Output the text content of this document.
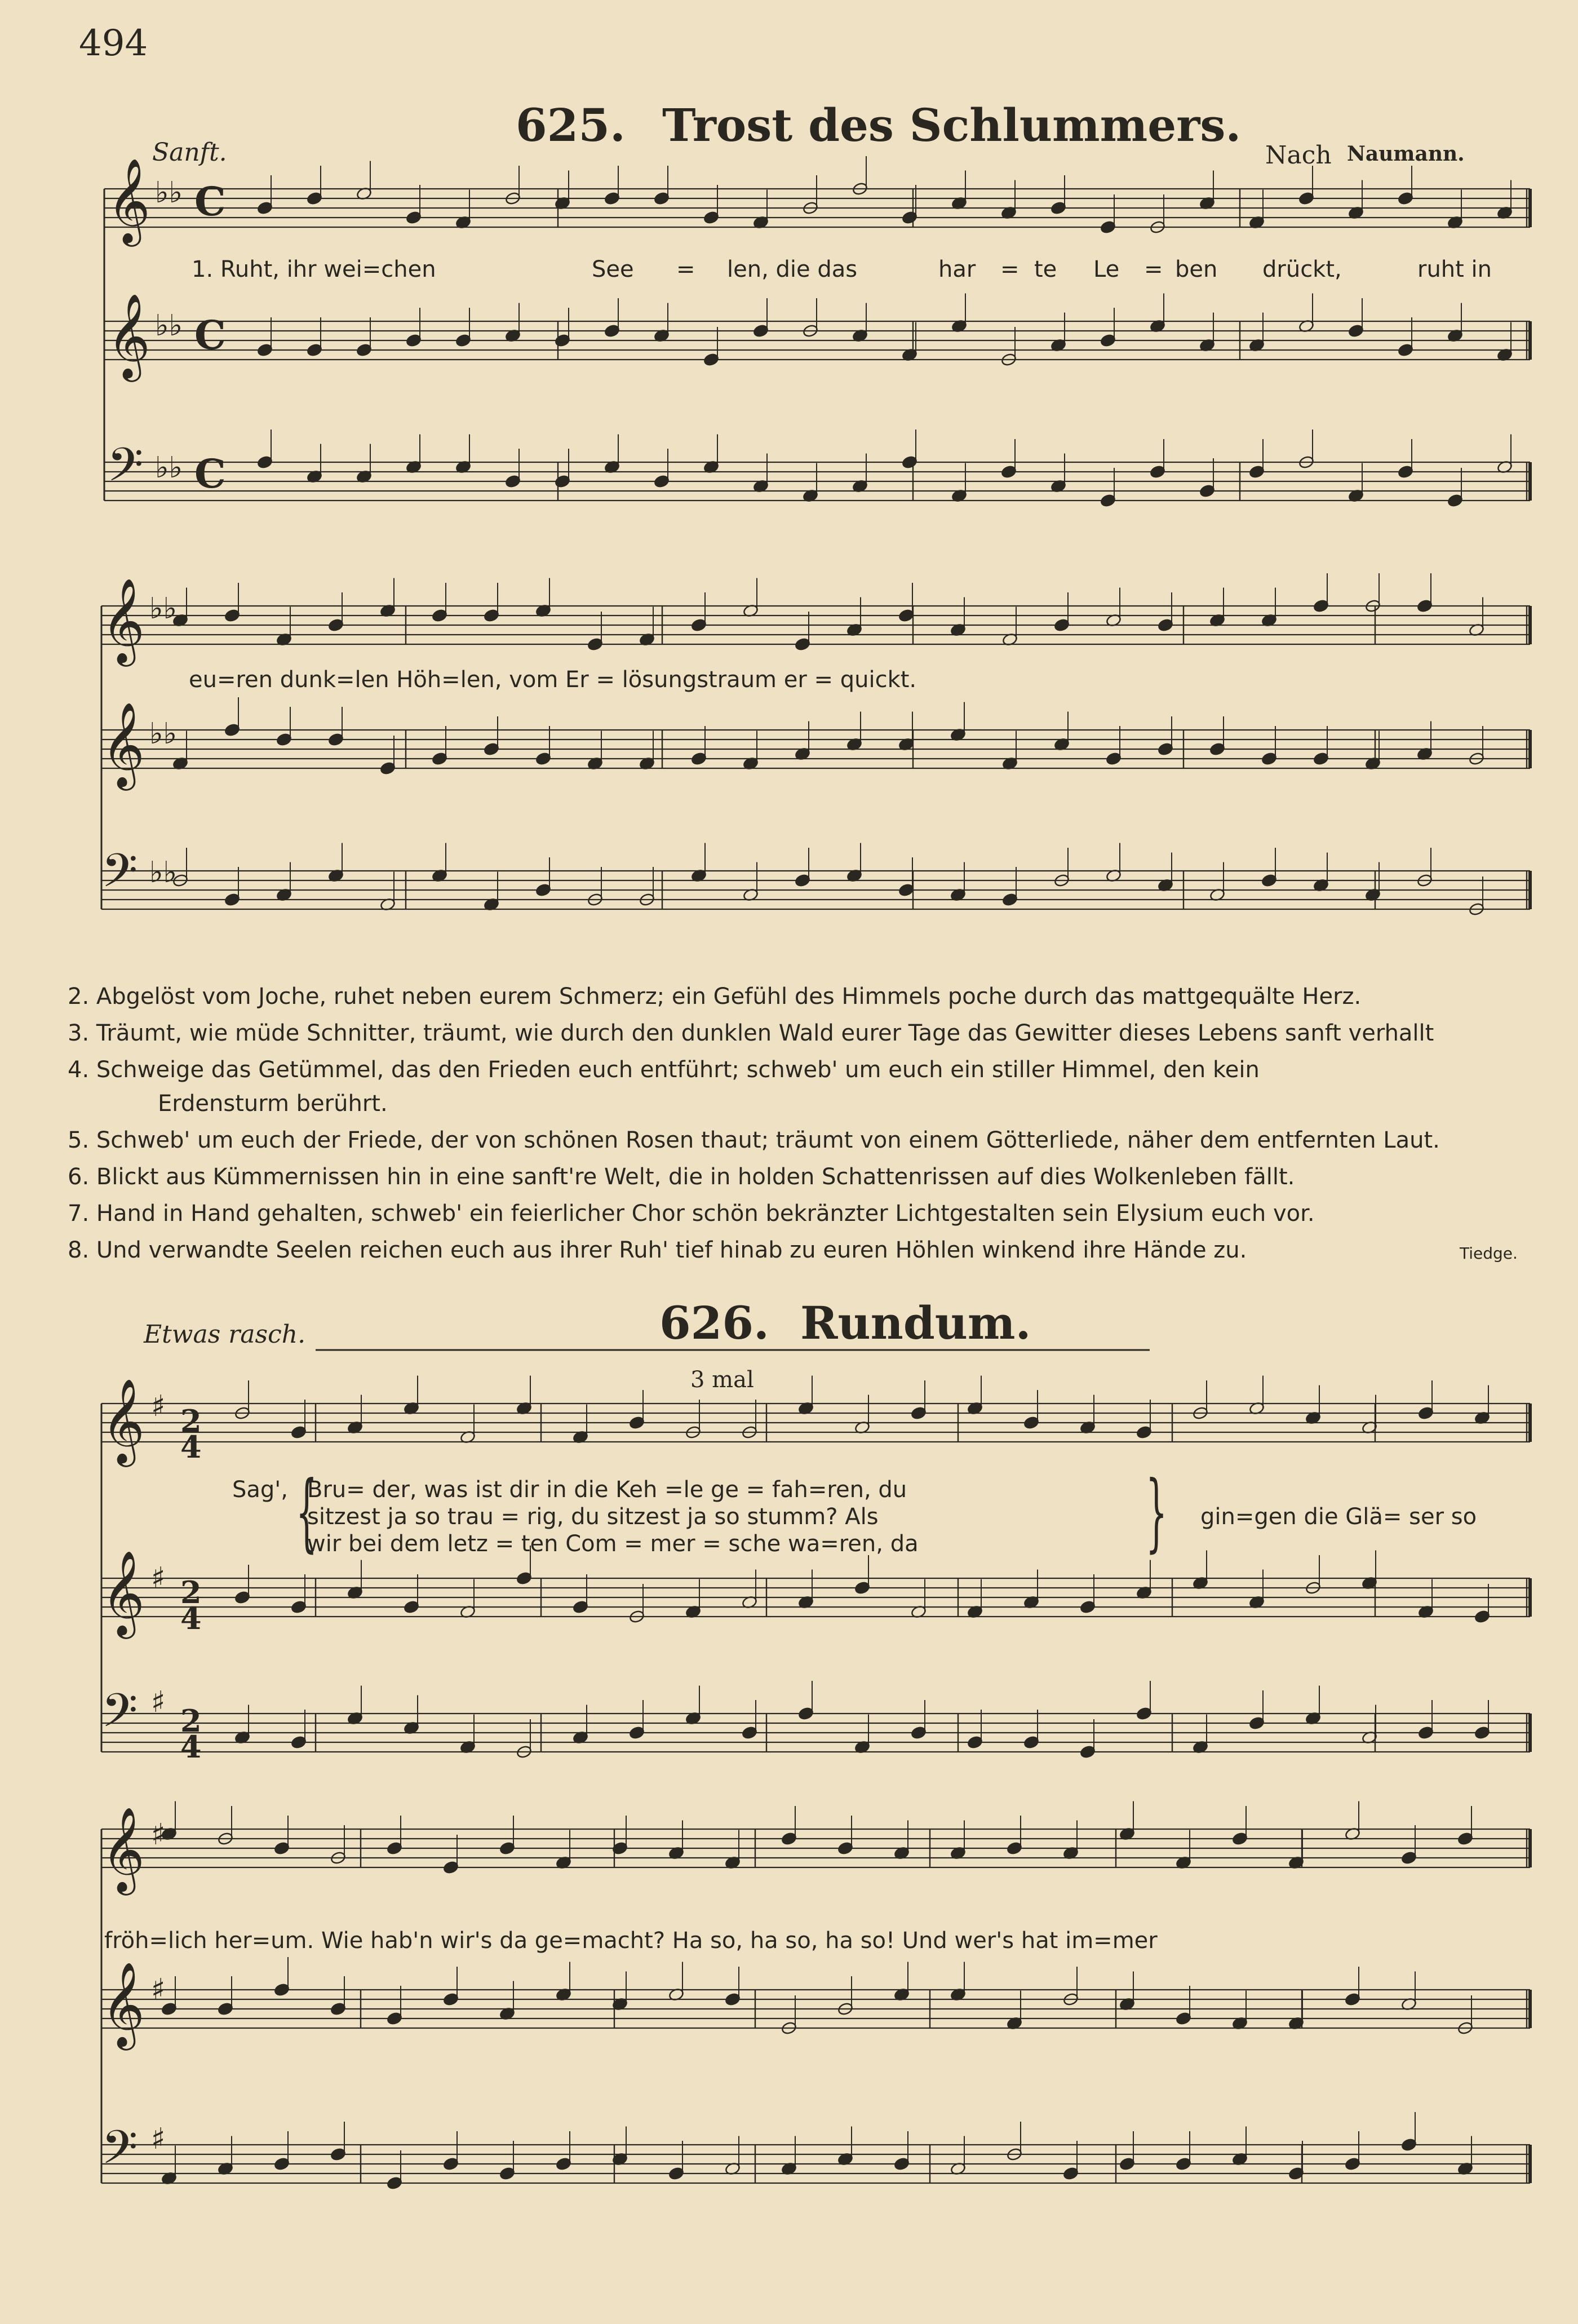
494
625. Trost des Schlummers.
Sanft.	Nach Naumann.
𝄞 ♭♭ C
𝄞 ♭♭ C
𝄢 ♭♭ C
1. Ruht, ihr wei=chen	See = len, die das	har = te Le = ben drückt,	ruht in
𝄞 ♭♭
𝄞 ♭♭
𝄢 ♭♭
eu=ren dunk=len Höh=len, vom Er = lösungstraum er = quickt.
2. Abgelöst vom Joche, ruhet neben eurem Schmerz; ein Gefühl des Himmels poche durch das mattgequälte Herz.
3. Träumt, wie müde Schnitter, träumt, wie durch den dunklen Wald eurer Tage das Gewitter dieses Lebens sanft verhallt
4. Schweige das Getümmel, das den Frieden euch entführt; schweb' um euch ein stiller Himmel, den kein
Erdensturm berührt.
5. Schweb' um euch der Friede, der von schönen Rosen thaut; träumt von einem Götterliede, näher dem entfernten Laut.
6. Blickt aus Kümmernissen hin in eine sanft're Welt, die in holden Schattenrissen auf dies Wolkenleben fällt.
7. Hand in Hand gehalten, schweb' ein feierlicher Chor schön bekränzter Lichtgestalten sein Elysium euch vor.
8. Und verwandte Seelen reichen euch aus ihrer Ruh' tief hinab zu euren Höhlen winkend ihre Hände zu.	Tiedge.
Etwas rasch.	626. Rundum.
3 mal
𝄞 ♯ 2
4
𝄞 ♯ 2
4
𝄢 ♯
2
4
Sag', Bru= der, was ist dir in die Keh =le ge = fah=ren, du
sitzest ja so trau = rig, du sitzest ja so stumm? Als
wir bei dem letz = ten Com = mer = sche wa=ren, da
{	} gin=gen die Glä= ser so
𝄞 ♯
fröh=lich her=um. Wie hab'n wir's da ge=macht? Ha so, ha so, ha so! Und wer's hat im=mer
𝄞 ♯
𝄢 ♯
